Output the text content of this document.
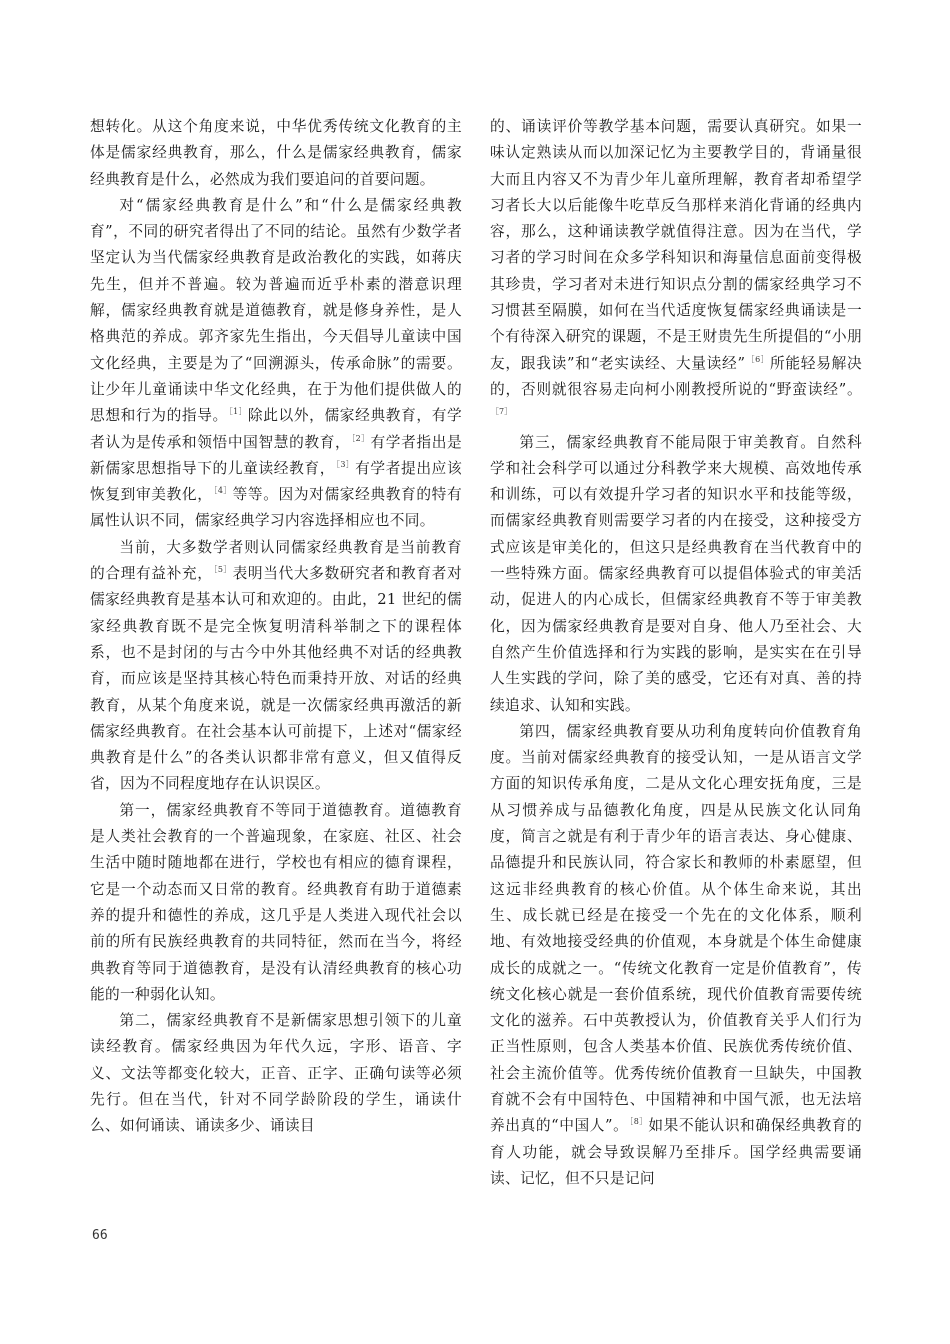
想转化。从这个角度来说，中华优秀传统文化教育的主体是儒家经典教育，那么，什么是儒家经典教育，儒家经典教育是什么，必然成为我们要追问的首要问题。

对“儒家经典教育是什么”和“什么是儒家经典教育”，不同的研究者得出了不同的结论。虽然有少数学者坚定认为当代儒家经典教育是政治教化的实践，如蒋庆先生，但并不普遍。较为普遍而近乎朴素的潜意识理解，儒家经典教育就是道德教育，就是修身养性，是人格典范的养成。郭齐家先生指出，今天倡导儿童读中国文化经典，主要是为了“回溯源头，传承命脉”的需要。让少年儿童诵读中华文化经典，在于为他们提供做人的思想和行为的指导。$^{[1]}$除此以外，儒家经典教育，有学者认为是传承和领悟中国智慧的教育，$^{[2]}$有学者指出是新儒家思想指导下的儿童读经教育，$^{[3]}$有学者提出应该恢复到审美教化，$^{[4]}$等等。因为对儒家经典教育的特有属性认识不同，儒家经典学习内容选择相应也不同。

当前，大多数学者则认同儒家经典教育是当前教育的合理有益补充，$^{[5]}$表明当代大多数研究者和教育者对儒家经典教育是基本认可和欢迎的。由此，21 世纪的儒家经典教育既不是完全恢复明清科举制之下的课程体系，也不是封闭的与古今中外其他经典不对话的经典教育，而应该是坚持其核心特色而秉持开放、对话的经典教育，从某个角度来说，就是一次儒家经典再激活的新儒家经典教育。在社会基本认可前提下，上述对“儒家经典教育是什么”的各类认识都非常有意义，但又值得反省，因为不同程度地存在认识误区。

第一，儒家经典教育不等同于道德教育。道德教育是人类社会教育的一个普遍现象，在家庭、社区、社会生活中随时随地都在进行，学校也有相应的德育课程，它是一个动态而又日常的教育。经典教育有助于道德素养的提升和德性的养成，这几乎是人类进入现代社会以前的所有民族经典教育的共同特征，然而在当今，将经典教育等同于道德教育，是没有认清经典教育的核心功能的一种弱化认知。

第二，儒家经典教育不是新儒家思想引领下的儿童读经教育。儒家经典因为年代久远，字形、语音、字义、文法等都变化较大，正音、正字、正确句读等必须先行。但在当代，针对不同学龄阶段的学生，诵读什么、如何诵读、诵读多少、诵读目

的、诵读评价等教学基本问题，需要认真研究。如果一味认定熟读从而以加深记忆为主要教学目的，背诵量很大而且内容又不为青少年儿童所理解，教育者却希望学习者长大以后能像牛吃草反刍那样来消化背诵的经典内容，那么，这种诵读教学就值得注意。因为在当代，学习者的学习时间在众多学科知识和海量信息面前变得极其珍贵，学习者对未进行知识点分割的儒家经典学习不习惯甚至隔膜，如何在当代适度恢复儒家经典诵读是一个有待深入研究的课题，不是王财贵先生所提倡的“小朋友，跟我读”和“老实读经、大量读经”$^{[6]}$所能轻易解决的，否则就很容易走向柯小刚教授所说的“野蛮读经”。$^{[7]}$

第三，儒家经典教育不能局限于审美教育。自然科学和社会科学可以通过分科教学来大规模、高效地传承和训练，可以有效提升学习者的知识水平和技能等级，而儒家经典教育则需要学习者的内在接受，这种接受方式应该是审美化的，但这只是经典教育在当代教育中的一些特殊方面。儒家经典教育可以提倡体验式的审美活动，促进人的内心成长，但儒家经典教育不等于审美教化，因为儒家经典教育是要对自身、他人乃至社会、大自然产生价值选择和行为实践的影响，是实实在在引导人生实践的学问，除了美的感受，它还有对真、善的持续追求、认知和实践。

第四，儒家经典教育要从功利角度转向价值教育角度。当前对儒家经典教育的接受认知，一是从语言文学方面的知识传承角度，二是从文化心理安抚角度，三是从习惯养成与品德教化角度，四是从民族文化认同角度，简言之就是有利于青少年的语言表达、身心健康、品德提升和民族认同，符合家长和教师的朴素愿望，但这远非经典教育的核心价值。从个体生命来说，其出生、成长就已经是在接受一个先在的文化体系，顺利地、有效地接受经典的价值观，本身就是个体生命健康成长的成就之一。“传统文化教育一定是价值教育”，传统文化核心就是一套价值系统，现代价值教育需要传统文化的滋养。石中英教授认为，价值教育关乎人们行为正当性原则，包含人类基本价值、民族优秀传统价值、社会主流价值等。优秀传统价值教育一旦缺失，中国教育就不会有中国特色、中国精神和中国气派，也无法培养出真的“中国人”。$^{[8]}$如果不能认识和确保经典教育的育人功能，就会导致误解乃至排斥。国学经典需要诵读、记忆，但不只是记问

66
